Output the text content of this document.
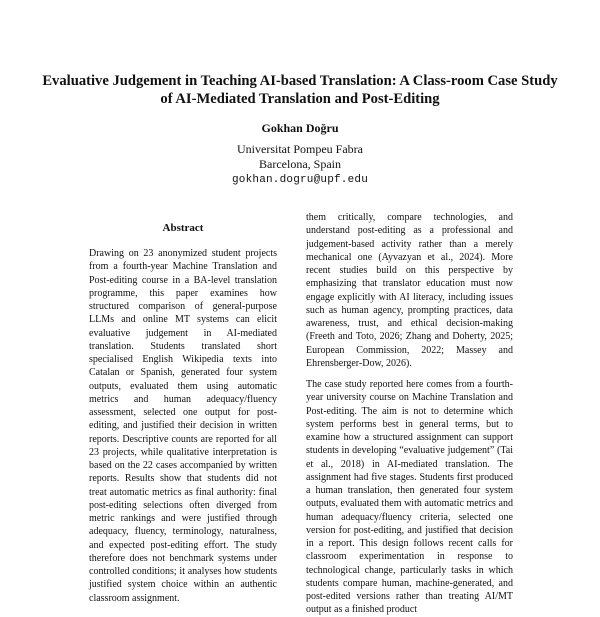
Evaluative Judgement in Teaching AI-based Translation: A Class-room Case Study of AI-Mediated Translation and Post-Editing
Gokhan Doğru
Universitat Pompeu Fabra
Barcelona, Spain
gokhan.dogru@upf.edu
Abstract

Drawing on 23 anonymized student projects from a fourth-year Machine Translation and Post-editing course in a BA-level translation programme, this paper examines how structured comparison of general-purpose LLMs and online MT systems can elicit evaluative judgement in AI-mediated translation. Students translated short specialised English Wikipedia texts into Catalan or Spanish, generated four system outputs, evaluated them using automatic metrics and human adequacy/fluency assessment, selected one output for post-editing, and justified their decision in written reports. Descriptive counts are reported for all 23 projects, while qualitative interpretation is based on the 22 cases accompanied by written reports. Results show that students did not treat automatic metrics as final authority: final post-editing selections often diverged from metric rankings and were justified through adequacy, fluency, terminology, naturalness, and expected post-editing effort. The study therefore does not benchmark systems under controlled conditions; it analyses how students justified system choice within an authentic classroom assignment.

them critically, compare technologies, and understand post-editing as a professional and judgement-based activity rather than a merely mechanical one (Ayvazyan et al., 2024). More recent studies build on this perspective by emphasizing that translator education must now engage explicitly with AI literacy, including issues such as human agency, prompting practices, data awareness, trust, and ethical decision-making (Freeth and Toto, 2026; Zhang and Doherty, 2025; European Commission, 2022; Massey and Ehrensberger-Dow, 2026).

The case study reported here comes from a fourth-year university course on Machine Translation and Post-editing. The aim is not to determine which system performs best in general terms, but to examine how a structured assignment can support students in developing “evaluative judgement” (Tai et al., 2018) in AI-mediated translation. The assignment had five stages. Students first produced a human translation, then generated four system outputs, evaluated them with automatic metrics and human adequacy/fluency criteria, selected one version for post-editing, and justified that decision in a report. This design follows recent calls for classroom experimentation in response to technological change, particularly tasks in which students compare human, machine-generated, and post-edited versions rather than treating AI/MT output as a finished product
